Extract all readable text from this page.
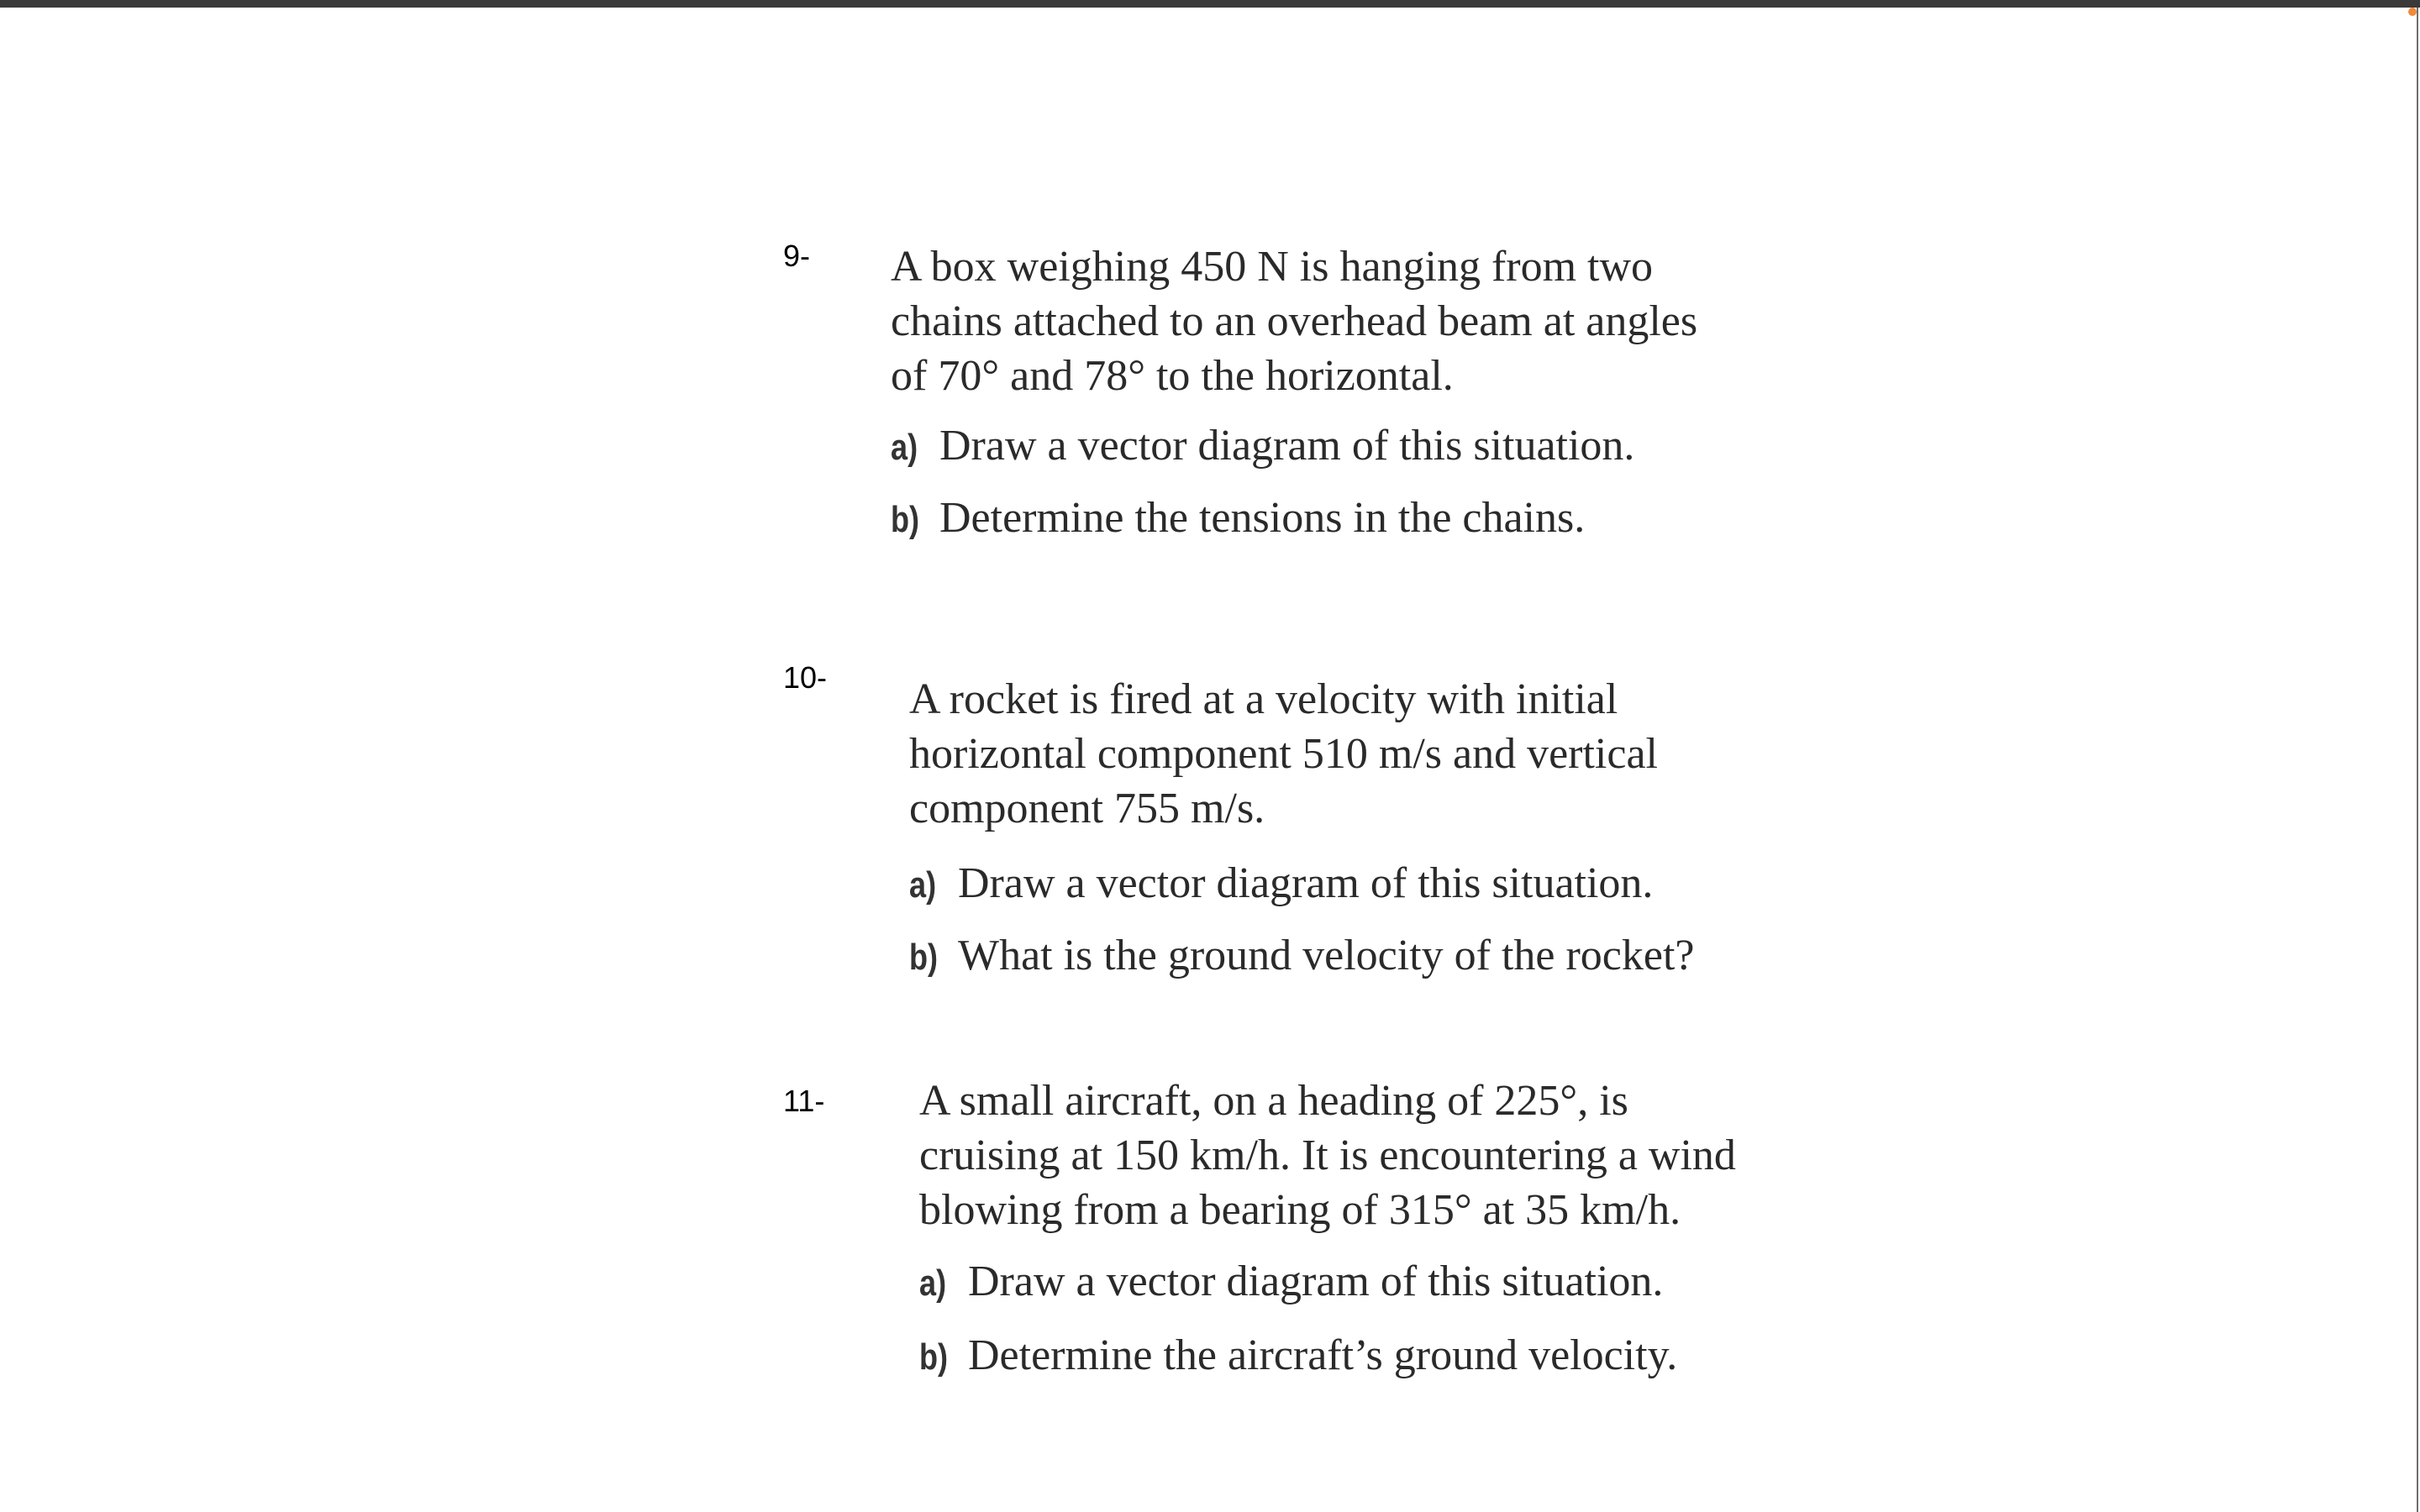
9- A box weighing 450 N is hanging from two
chains attached to an overhead beam at angles
of 70° and 78° to the horizontal.

a) Draw a vector diagram of this situation.

b) Determine the tensions in the chains.

10- A rocket is fired at a velocity with initial
horizontal component 510 m/s and vertical
component 755 m/s.

a) Draw a vector diagram of this situation.

b) What is the ground velocity of the rocket?

11- A small aircraft, on a heading of 225°, is
cruising at 150 km/h. It is encountering a wind
blowing from a bearing of 315° at 35 km/h.

a) Draw a vector diagram of this situation.

b) Determine the aircraft’s ground velocity.
